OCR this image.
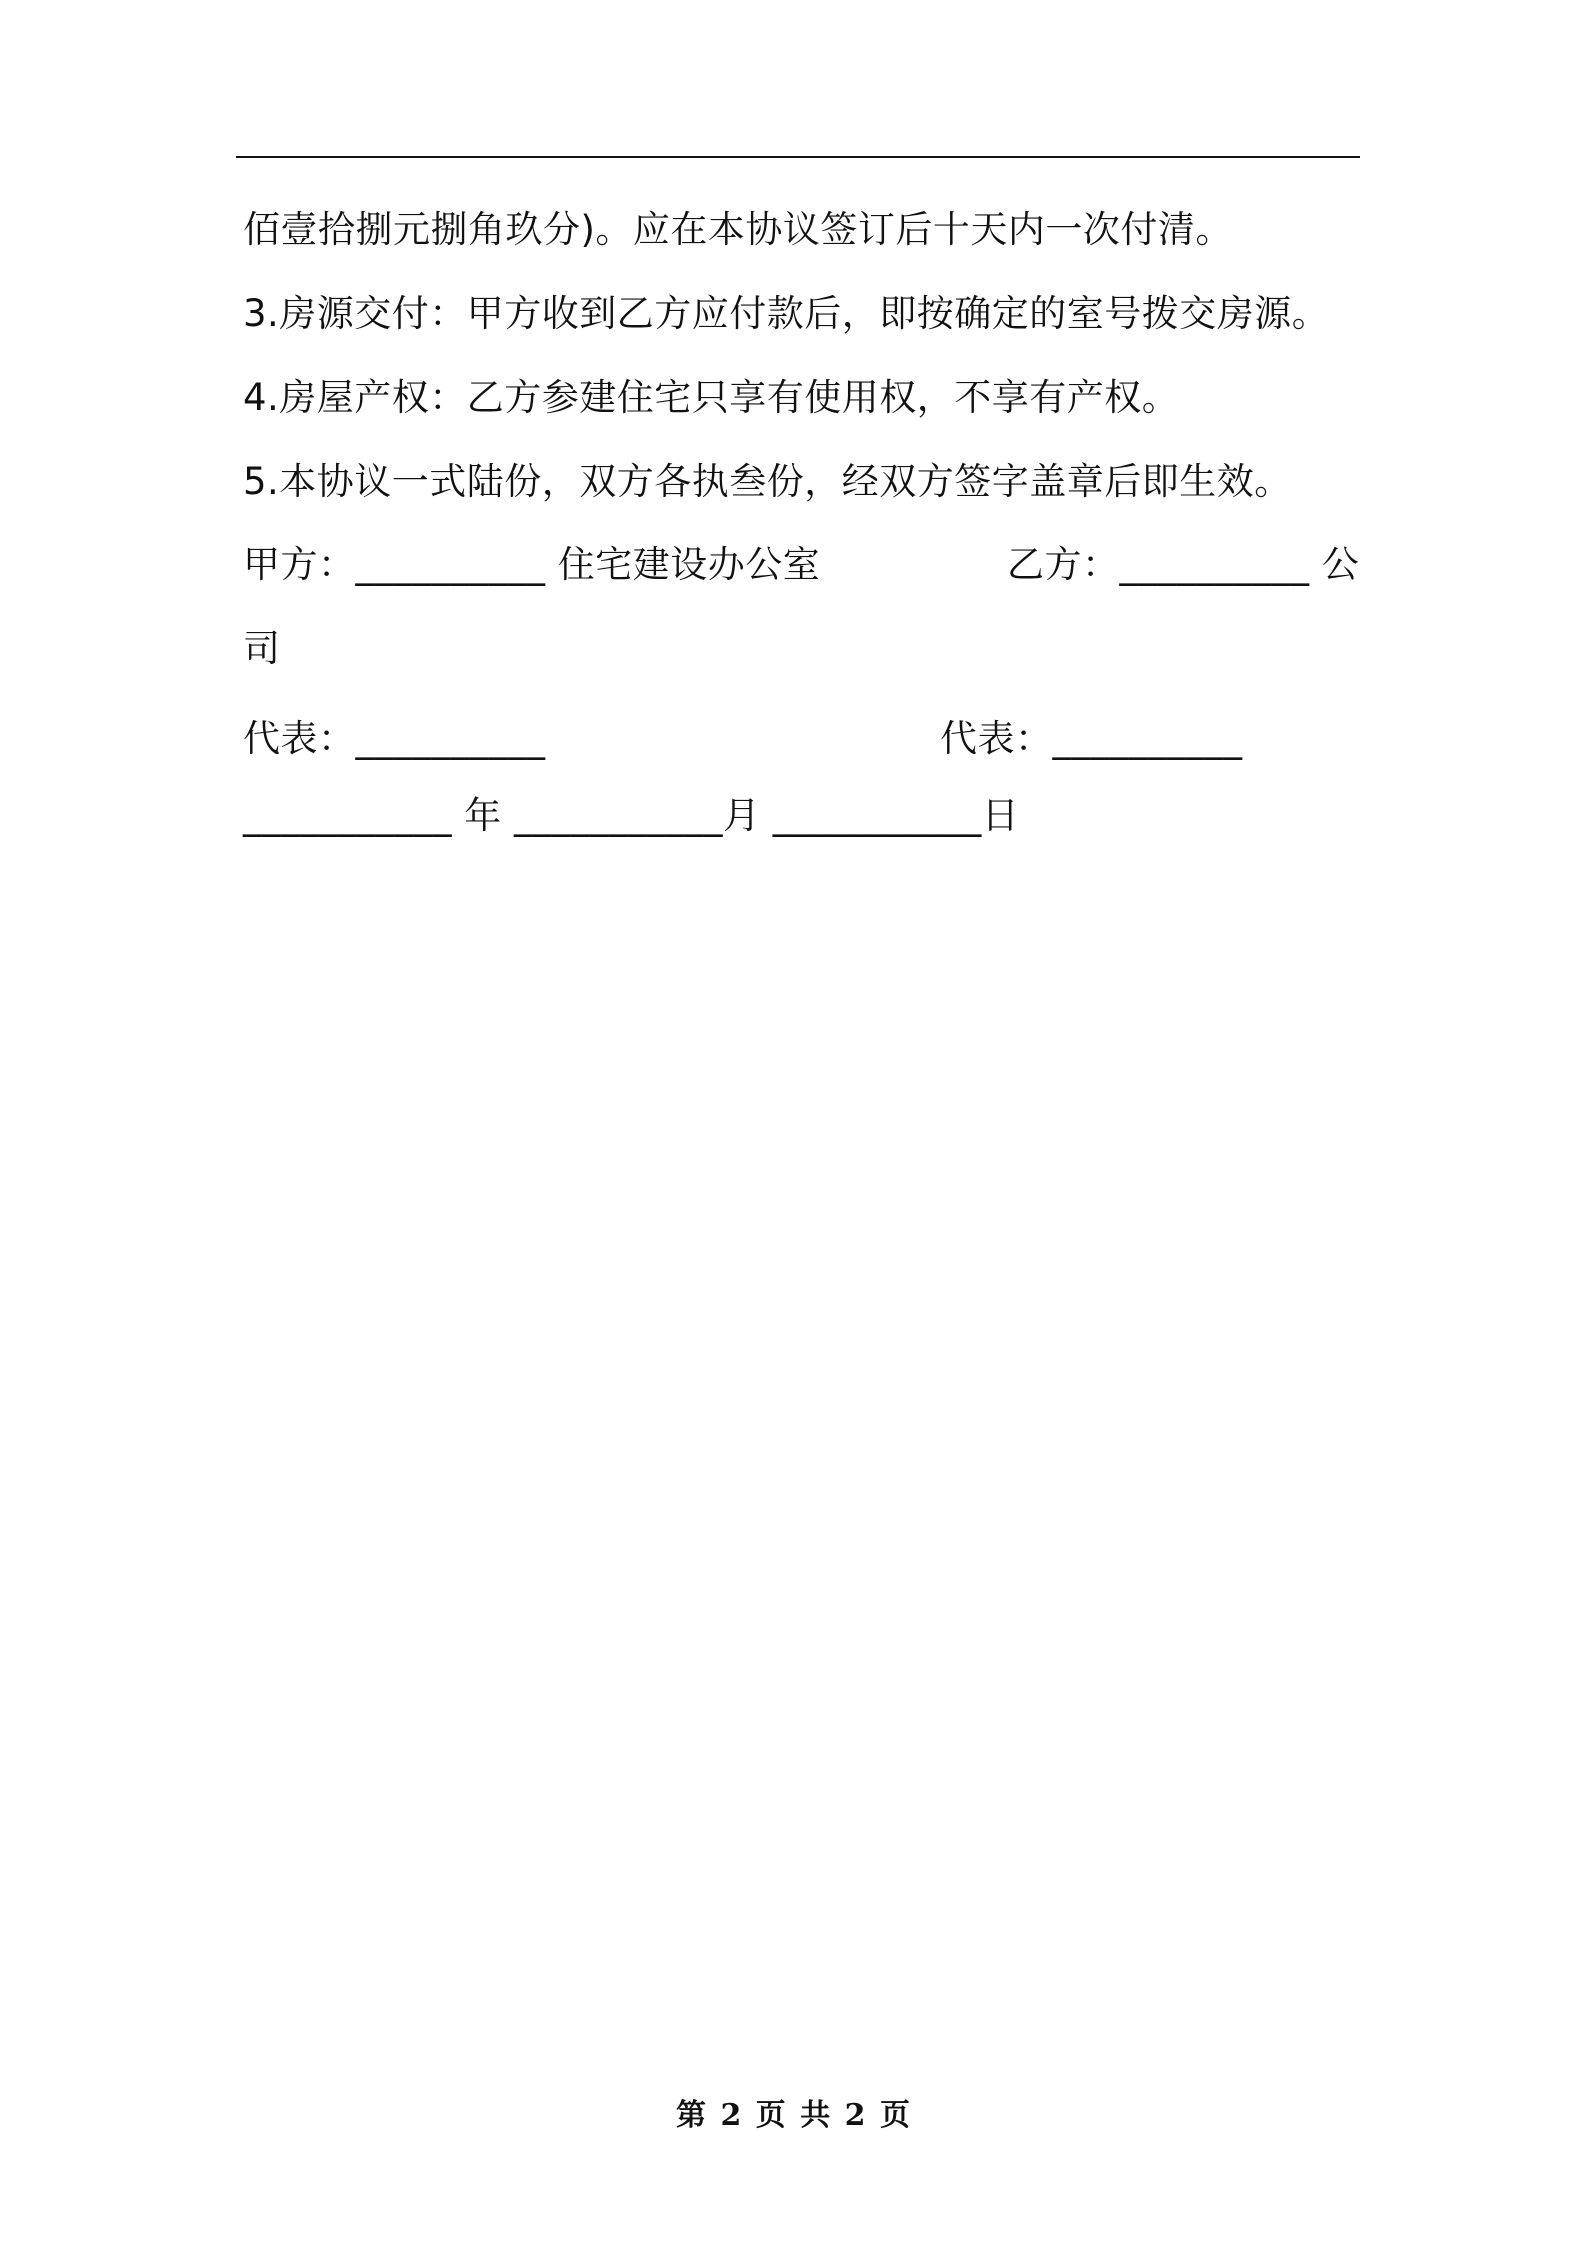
佰壹拾捌元捌角玖分)。应在本协议签订后十天内一次付清。
3.房源交付：甲方收到乙方应付款后，即按确定的室号拨交房源。
4.房屋产权：乙方参建住宅只享有使用权，不享有产权。
5.本协议一式陆份，双方各执叁份，经双方签字盖章后即生效。
甲方：__________ 住宅建设办公室	乙方：__________ 公
司
代表：__________	代表：__________
___________ 年 ___________月 ___________日
第 2 页 共 2 页
